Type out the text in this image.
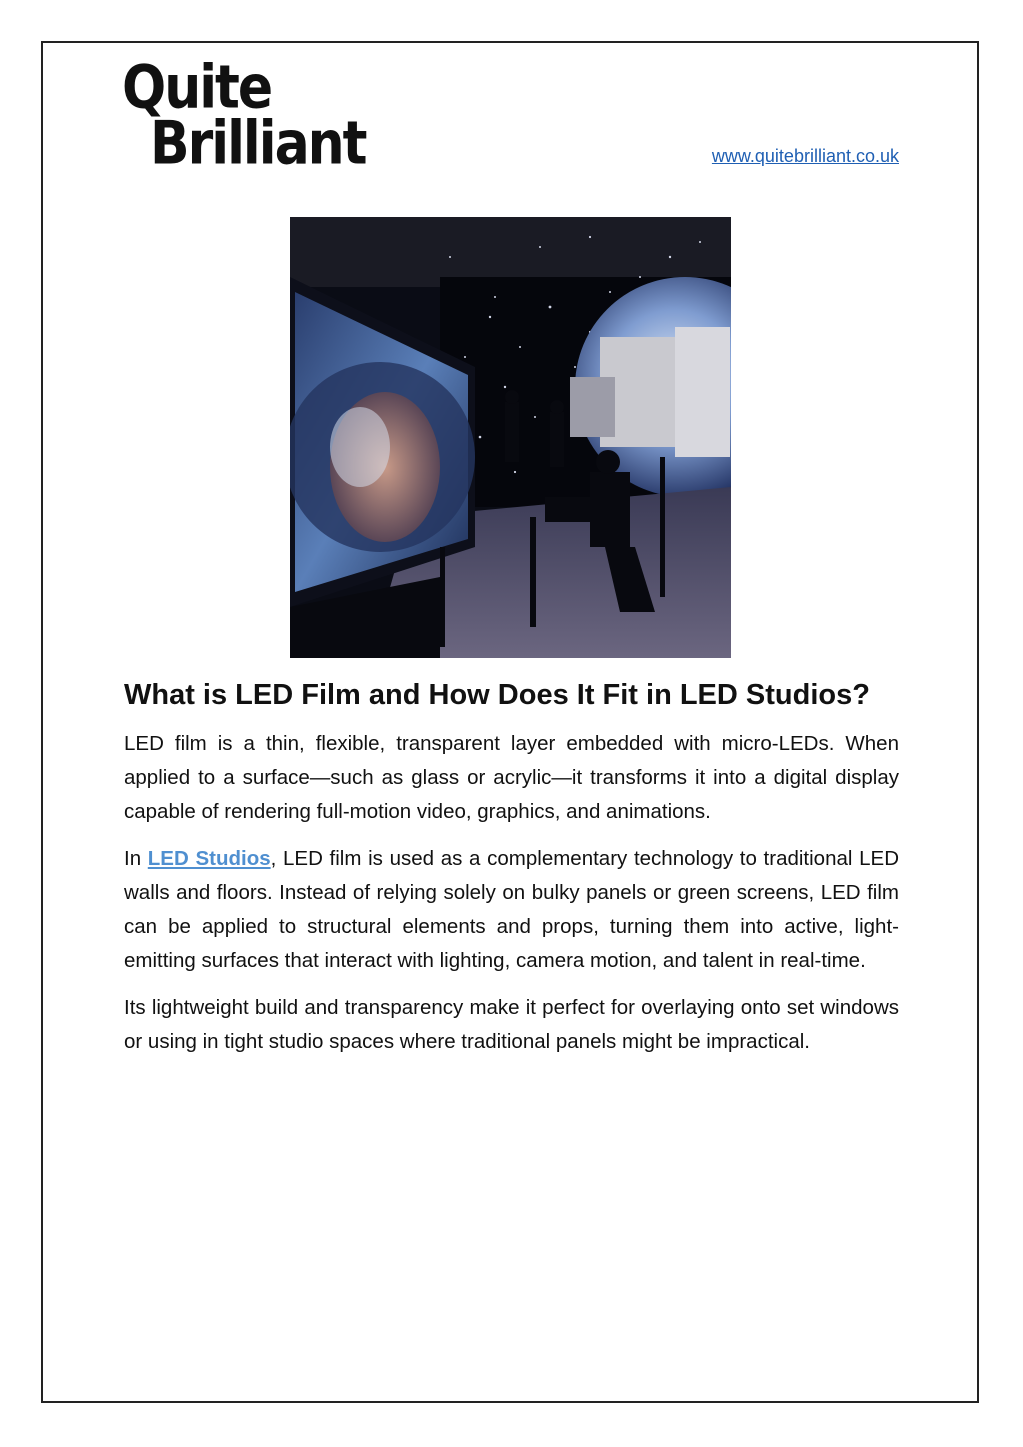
Quite
Brilliant	www.quitebrilliant.co.uk
What is LED Film and How Does It Fit in LED Studios?

LED film is a thin, flexible, transparent layer embedded with micro-LEDs. When applied to a surface—such as glass or acrylic—it transforms it into a digital display capable of rendering full-motion video, graphics, and animations.

In LED Studios, LED film is used as a complementary technology to traditional LED walls and floors. Instead of relying solely on bulky panels or green screens, LED film can be applied to structural elements and props, turning them into active, light-emitting surfaces that interact with lighting, camera motion, and talent in real-time.

Its lightweight build and transparency make it perfect for overlaying onto set windows or using in tight studio spaces where traditional panels might be impractical.
